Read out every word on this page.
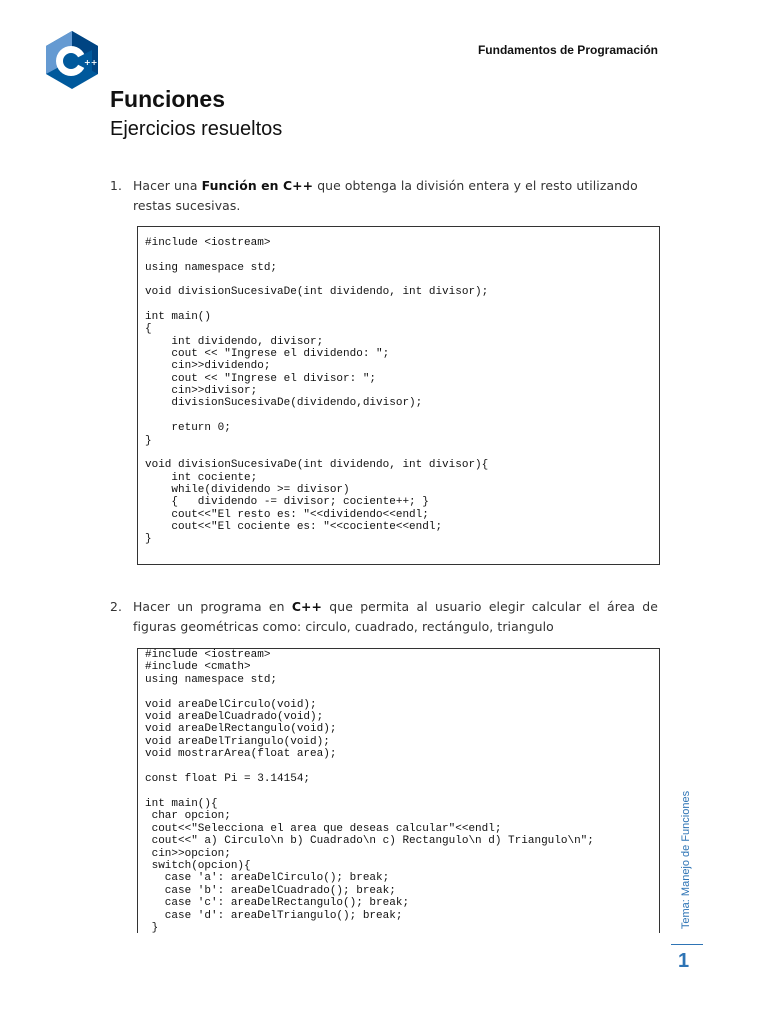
++
Fundamentos de Programación
Funciones
Ejercicios resueltos
1. Hacer una Función en C++ que obtenga la división entera y el resto utilizando restas sucesivas.
#include <iostream>

using namespace std;

void divisionSucesivaDe(int dividendo, int divisor);

int main()
{
int dividendo, divisor;
cout << "Ingrese el dividendo: ";
cin>>dividendo;
cout << "Ingrese el divisor: ";
cin>>divisor;
divisionSucesivaDe(dividendo,divisor);

return 0;
}

void divisionSucesivaDe(int dividendo, int divisor){
int cociente;
while(dividendo >= divisor)
{   dividendo -= divisor; cociente++; }
cout<<"El resto es: "<<dividendo<<endl;
cout<<"El cociente es: "<<cociente<<endl;
}
2. Hacer un programa en C++ que permita al usuario elegir calcular el área de figuras geométricas como: circulo, cuadrado, rectángulo, triangulo
#include <iostream>
#include <cmath>
using namespace std;

void areaDelCirculo(void);
void areaDelCuadrado(void);
void areaDelRectangulo(void);
void areaDelTriangulo(void);
void mostrarArea(float area);

const float Pi = 3.14154;

int main(){
char opcion;
cout<<"Selecciona el area que deseas calcular"<<endl;
cout<<" a) Circulo\n b) Cuadrado\n c) Rectangulo\n d) Triangulo\n";
cin>>opcion;
switch(opcion){
case 'a': areaDelCirculo(); break;
case 'b': areaDelCuadrado(); break;
case 'c': areaDelRectangulo(); break;
case 'd': areaDelTriangulo(); break;
}	Tema: Manejo de Funciones
1
